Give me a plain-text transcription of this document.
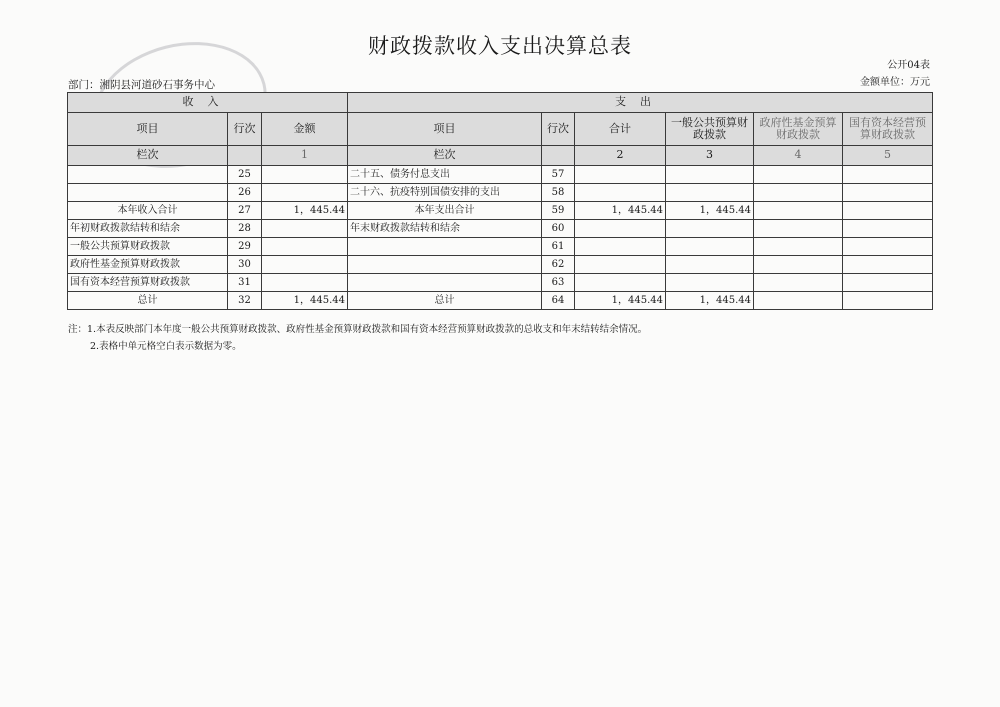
财政拨款收入支出决算总表
公开04表
部门：湘阴县河道砂石事务中心	金额单位：万元
收入			支出					
项目	行次	金额	项目	行次	合计	一般公共预算财政拨款	政府性基金预算财政拨款	国有资本经营预算财政拨款
栏次		1	栏次		2	3	4	5
	25		二十五、债务付息支出	57				
	26		二十六、抗疫特别国债安排的支出	58				
本年收入合计	27	1，445.44	本年支出合计	59	1，445.44	1，445.44		
年初财政拨款结转和结余	28		年末财政拨款结转和结余	60				
一般公共预算财政拨款	29			61				
政府性基金预算财政拨款	30			62				
国有资本经营预算财政拨款	31			63				
总计	32	1，445.44	总计	64	1，445.44	1，445.44		
注：1.本表反映部门本年度一般公共预算财政拨款、政府性基金预算财政拨款和国有资本经营预算财政拨款的总收支和年末结转结余情况。
2.表格中单元格空白表示数据为零。
